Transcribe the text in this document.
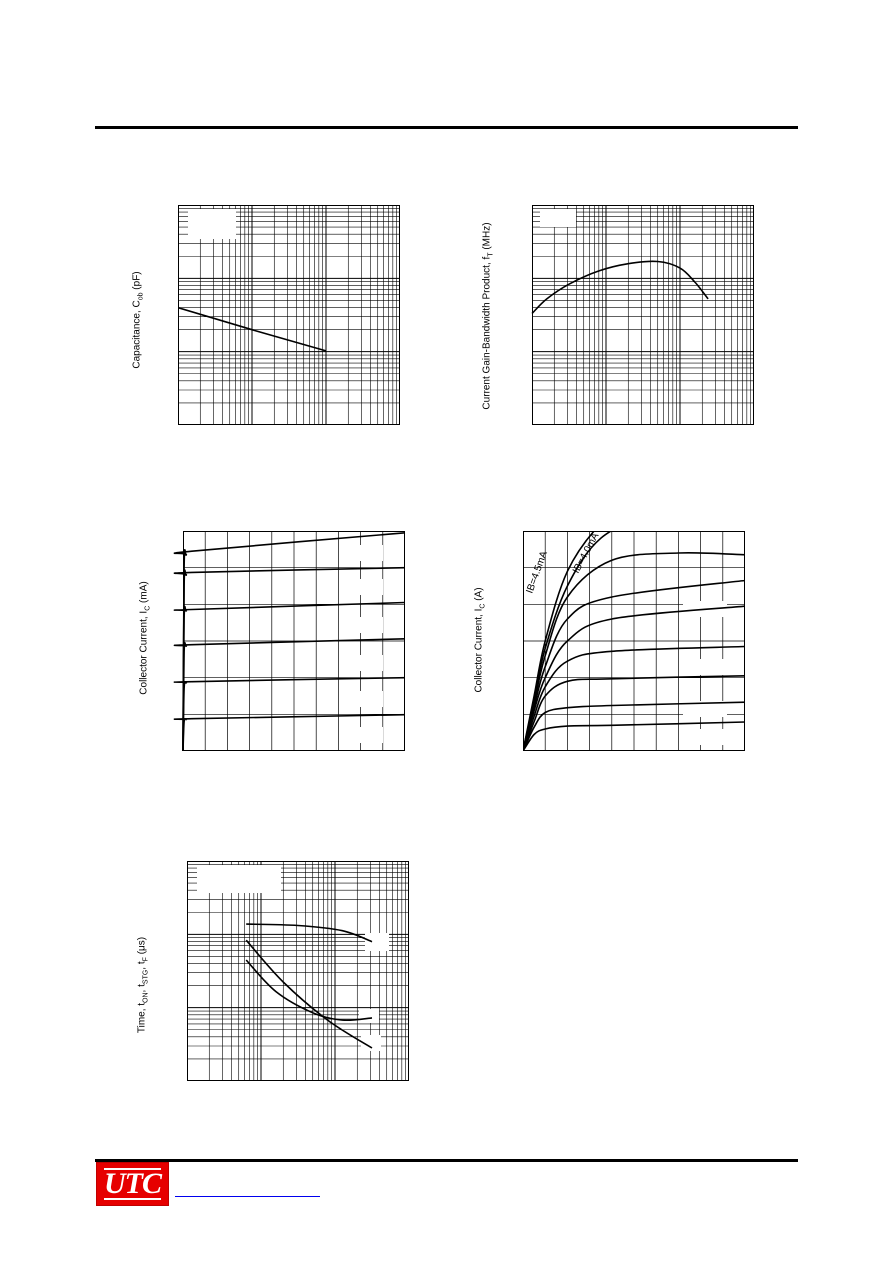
Capacitance, $C_{ob}$ (pF)	Current Gain-Bandwidth Product, $f_T$ (MHz)
Collector Current, $I_C$ (mA)	IB=4.5mA IB=4.0mA
Collector Current, $I_C$ (A)
Time, $t_{ON}$, $t_{STG}$, $t_F$ (μs)
UTC
